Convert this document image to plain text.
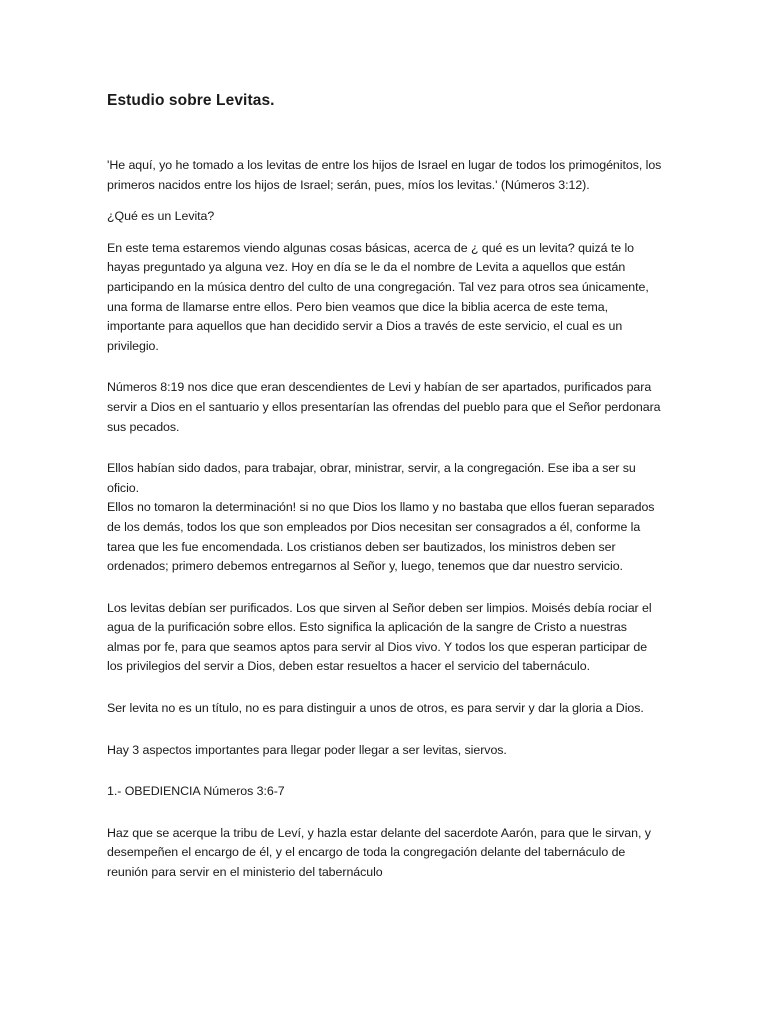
Estudio sobre Levitas.

'He aquí, yo he tomado a los levitas de entre los hijos de Israel en lugar de todos los primogénitos, los primeros nacidos entre los hijos de Israel; serán, pues, míos los levitas.' (Números 3:12).

¿Qué es un Levita?

En este tema estaremos viendo algunas cosas básicas, acerca de ¿ qué es un levita? quizá te lo hayas preguntado ya alguna vez. Hoy en día se le da el nombre de Levita a aquellos que están participando en la música dentro del culto de una congregación. Tal vez para otros sea únicamente, una forma de llamarse entre ellos. Pero bien veamos que dice la biblia acerca de este tema, importante para aquellos que han decidido servir a Dios a través de este servicio, el cual es un privilegio.

Números 8:19 nos dice que eran descendientes de Levi y habían de ser apartados, purificados para servir a Dios en el santuario y ellos presentarían las ofrendas del pueblo para que el Señor perdonara sus pecados.

Ellos habían sido dados, para trabajar, obrar, ministrar, servir, a la congregación. Ese iba a ser su oficio.

Ellos no tomaron la determinación! si no que Dios los llamo y no bastaba que ellos fueran separados de los demás, todos los que son empleados por Dios necesitan ser consagrados a él, conforme la tarea que les fue encomendada. Los cristianos deben ser bautizados, los ministros deben ser ordenados; primero debemos entregarnos al Señor y, luego, tenemos que dar nuestro servicio.

Los levitas debían ser purificados. Los que sirven al Señor deben ser limpios. Moisés debía rociar el agua de la purificación sobre ellos. Esto significa la aplicación de la sangre de Cristo a nuestras almas por fe, para que seamos aptos para servir al Dios vivo. Y todos los que esperan participar de los privilegios del servir a Dios, deben estar resueltos a hacer el servicio del tabernáculo.

Ser levita no es un título, no es para distinguir a unos de otros, es para servir y dar la gloria a Dios.

Hay 3 aspectos importantes para llegar poder llegar a ser levitas, siervos.

1.- OBEDIENCIA Números 3:6-7

Haz que se acerque la tribu de Leví, y hazla estar delante del sacerdote Aarón, para que le sirvan, y desempeñen el encargo de él, y el encargo de toda la congregación delante del tabernáculo de reunión para servir en el ministerio del tabernáculo
